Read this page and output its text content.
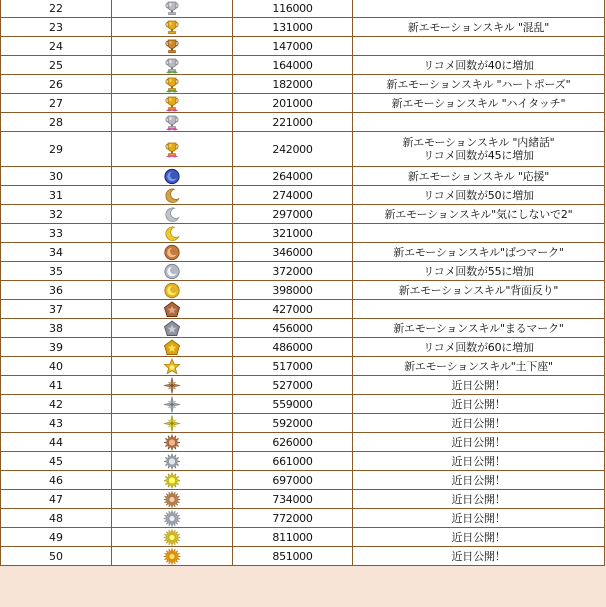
22		116000	
23		131000	新エモーションスキル "混乱"

24		147000	
25		164000	リコメ回数が40に増加

26		182000	新エモーションスキル "ハートポーズ"

27		201000	新エモーションスキル "ハイタッチ"

28		221000	
29		242000	新エモーションスキル "内緒話"
リコメ回数が45に増加

30		264000	新エモーションスキル "応援"

31		274000	リコメ回数が50に増加

32		297000	新エモーションスキル"気にしないで2"

33		321000	
34		346000	新エモーションスキル"ばつマーク"

35		372000	リコメ回数が55に増加

36		398000	新エモーションスキル"背面反り"

37		427000	
38		456000	新エモーションスキル"まるマーク"

39		486000	リコメ回数が60に増加

40		517000	新エモーションスキル"土下座"

41		527000	近日公開！

42		559000	近日公開！

43		592000	近日公開！

44		626000	近日公開！

45		661000	近日公開！

46		697000	近日公開！

47		734000	近日公開！

48		772000	近日公開！

49		811000	近日公開！

50		851000	近日公開！
